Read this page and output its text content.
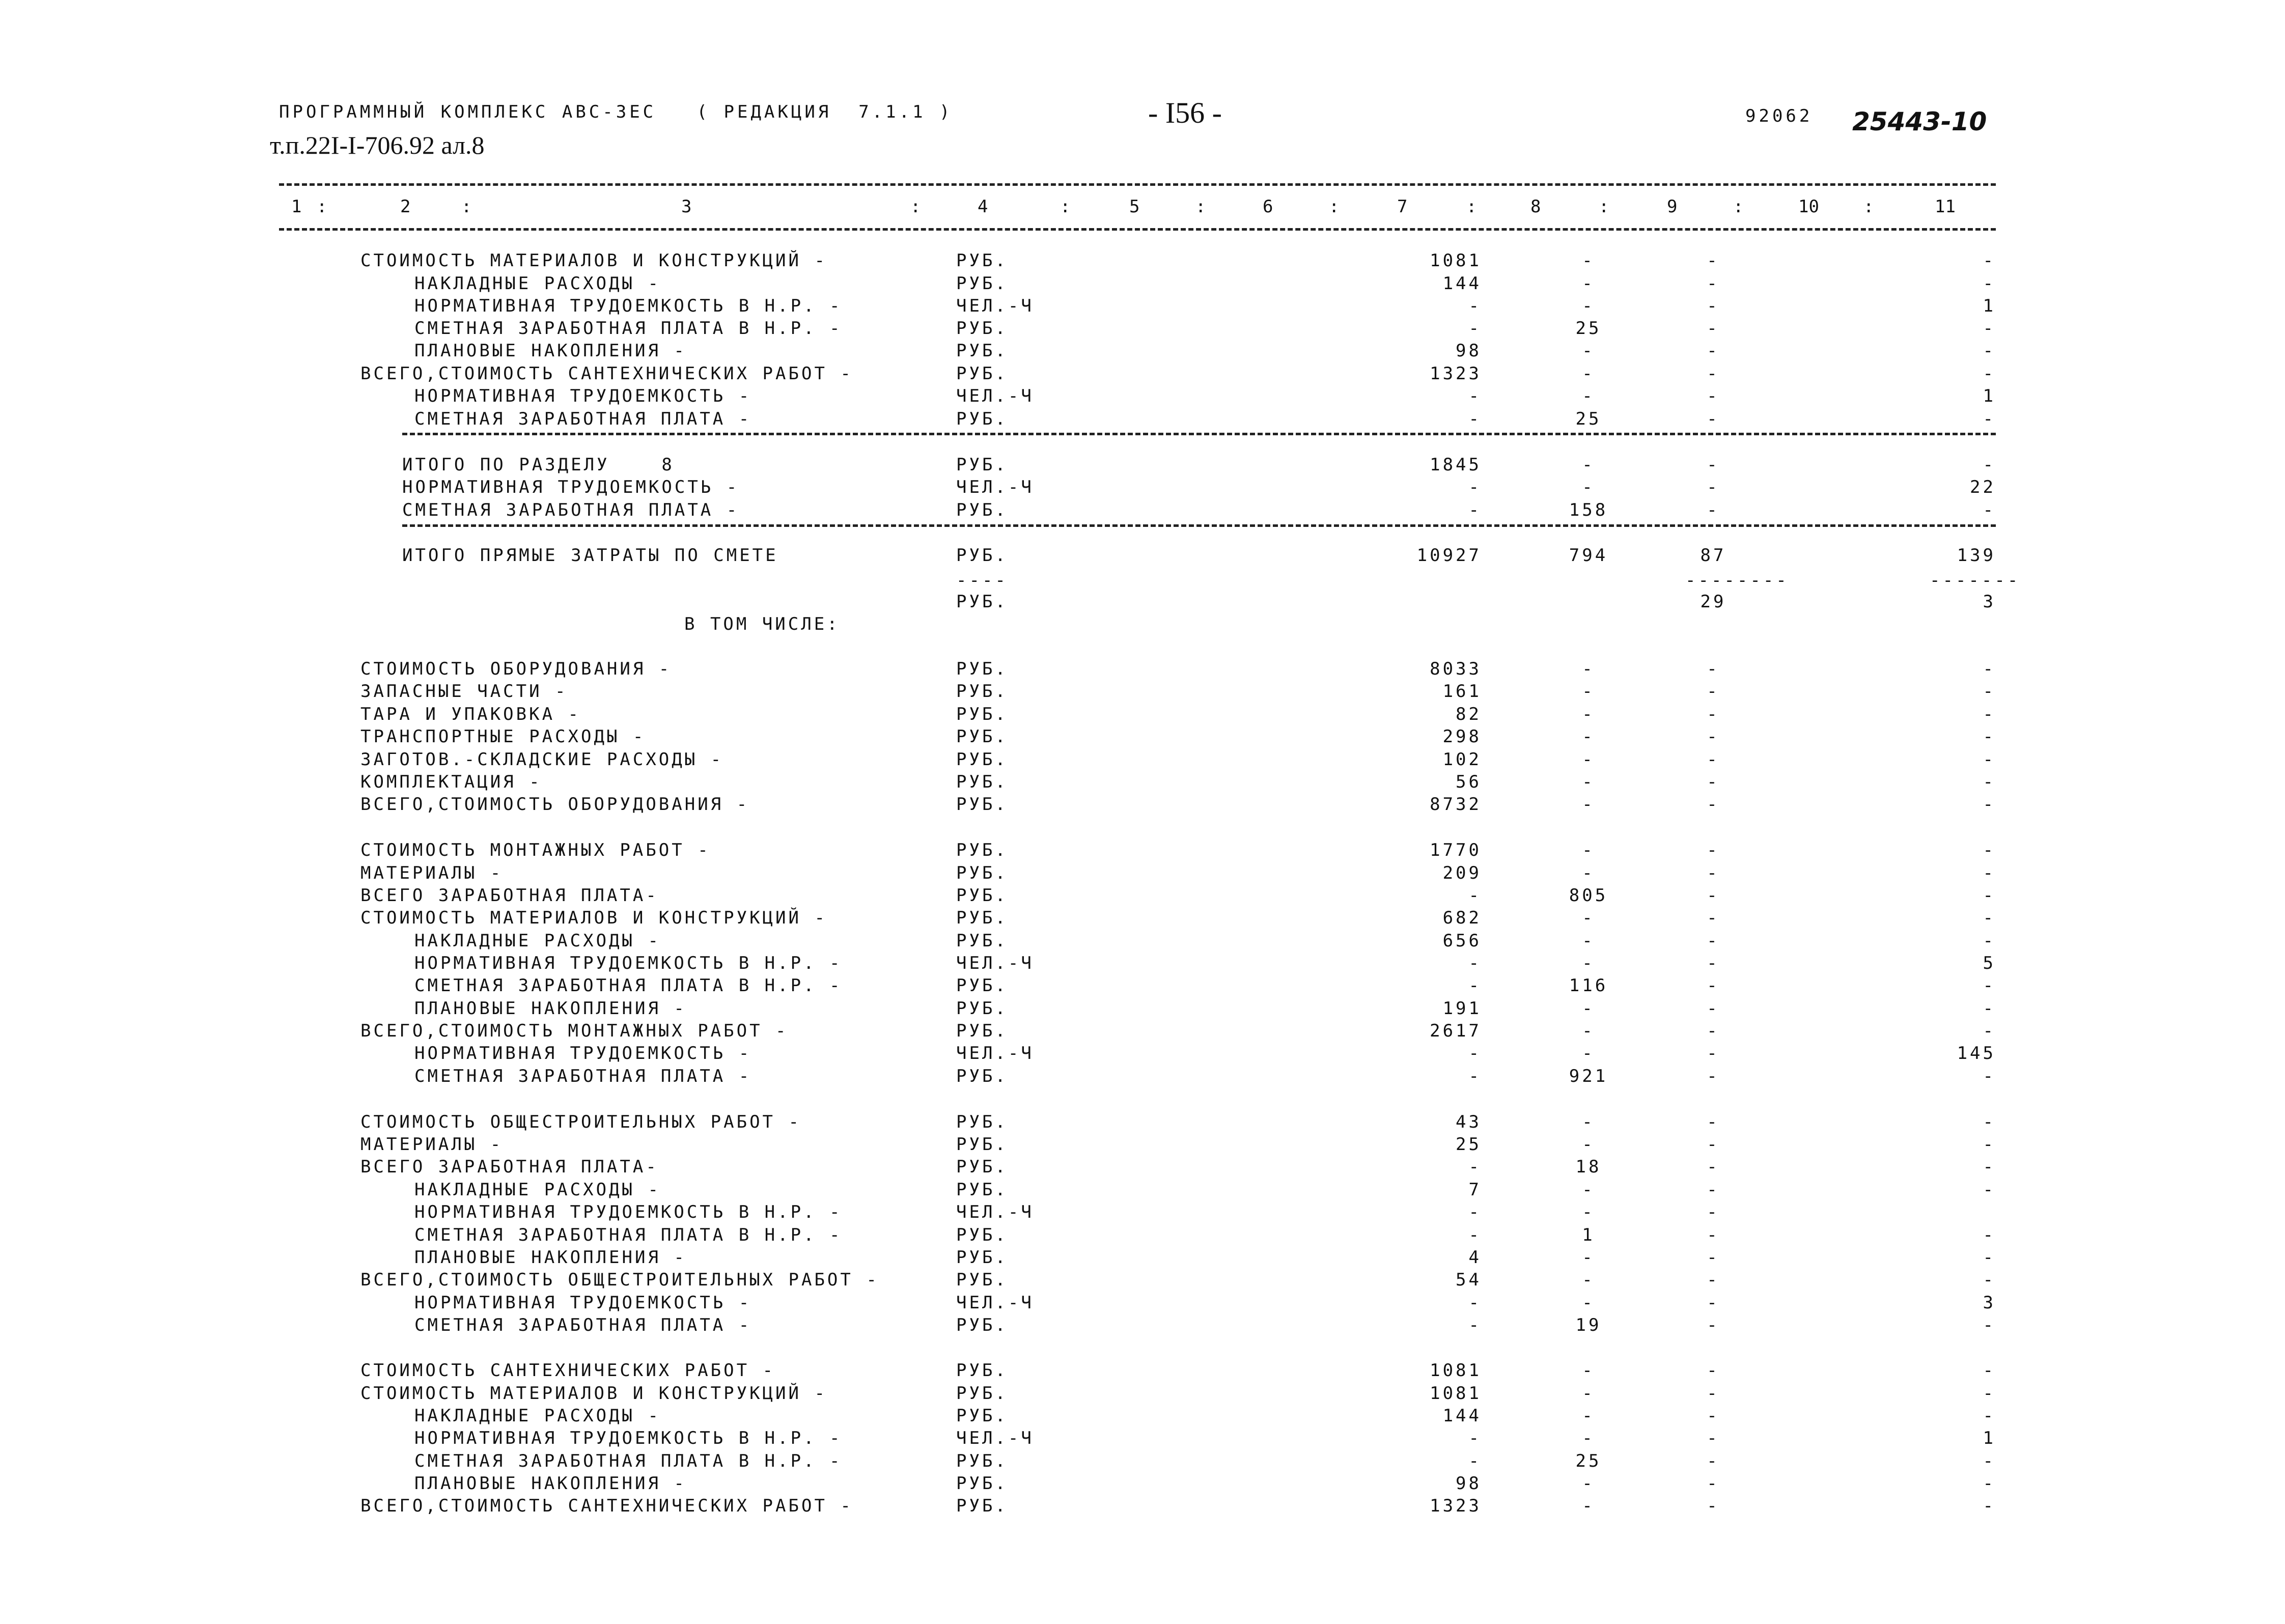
ПРОГРАММНЫЙ КОМПЛЕКС АВС-ЗЕС   ( РЕДАКЦИЯ  7.1.1 )
т.п.22I-I-706.92 ал.8
- I56 -	92062 25443-10
1 :	2	:	3	:	4	:	5	:	6	:	7	:	8	:	9	:	10	:	11
СТОИМОСТЬ МАТЕРИАЛОВ И КОНСТРУКЦИЙ -	РУБ.	1081	-	-	-
НАКЛАДНЫЕ РАСХОДЫ -	РУБ.	144	-	-	-
НОРМАТИВНАЯ ТРУДОЕМКОСТЬ В Н.Р. -	ЧЕЛ.-Ч	-	-	-	1
СМЕТНАЯ ЗАРАБОТНАЯ ПЛАТА В Н.Р. -	РУБ.	-	25	-	-
ПЛАНОВЫЕ НАКОПЛЕНИЯ -	РУБ.	98	-	-	-
ВСЕГО,СТОИМОСТЬ САНТЕХНИЧЕСКИХ РАБОТ -	РУБ.	1323	-	-	-
НОРМАТИВНАЯ ТРУДОЕМКОСТЬ -	ЧЕЛ.-Ч	-	-	-	1
СМЕТНАЯ ЗАРАБОТНАЯ ПЛАТА -	РУБ.	-	25	-	-
ИТОГО ПО РАЗДЕЛУ    8	РУБ.	1845	-	-	-
НОРМАТИВНАЯ ТРУДОЕМКОСТЬ -	ЧЕЛ.-Ч	-	-	-	22
СМЕТНАЯ ЗАРАБОТНАЯ ПЛАТА -	РУБ.	-	158	-	-
ИТОГО ПРЯМЫЕ ЗАТРАТЫ ПО СМЕТЕ	РУБ.	10927	794	87	139
----	--------	-------
РУБ.	29	3
В ТОМ ЧИСЛЕ:
СТОИМОСТЬ ОБОРУДОВАНИЯ -	РУБ.	8033	-	-	-
ЗАПАСНЫЕ ЧАСТИ -	РУБ.	161	-	-	-
ТАРА И УПАКОВКА -	РУБ.	82	-	-	-
ТРАНСПОРТНЫЕ РАСХОДЫ -	РУБ.	298	-	-	-
ЗАГОТОВ.-СКЛАДСКИЕ РАСХОДЫ -	РУБ.	102	-	-	-
КОМПЛЕКТАЦИЯ -	РУБ.	56	-	-	-
ВСЕГО,СТОИМОСТЬ ОБОРУДОВАНИЯ -	РУБ.	8732	-	-	-
СТОИМОСТЬ МОНТАЖНЫХ РАБОТ -	РУБ.	1770	-	-	-
МАТЕРИАЛЫ -	РУБ.	209	-	-	-
ВСЕГО ЗАРАБОТНАЯ ПЛАТА-	РУБ.	-	805	-	-
СТОИМОСТЬ МАТЕРИАЛОВ И КОНСТРУКЦИЙ -	РУБ.	682	-	-	-
НАКЛАДНЫЕ РАСХОДЫ -	РУБ.	656	-	-	-
НОРМАТИВНАЯ ТРУДОЕМКОСТЬ В Н.Р. -	ЧЕЛ.-Ч	-	-	-	5
СМЕТНАЯ ЗАРАБОТНАЯ ПЛАТА В Н.Р. -	РУБ.	-	116	-	-
ПЛАНОВЫЕ НАКОПЛЕНИЯ -	РУБ.	191	-	-	-
ВСЕГО,СТОИМОСТЬ МОНТАЖНЫХ РАБОТ -	РУБ.	2617	-	-	-
НОРМАТИВНАЯ ТРУДОЕМКОСТЬ -	ЧЕЛ.-Ч	-	-	-	145
СМЕТНАЯ ЗАРАБОТНАЯ ПЛАТА -	РУБ.	-	921	-	-
СТОИМОСТЬ ОБЩЕСТРОИТЕЛЬНЫХ РАБОТ -	РУБ.	43	-	-	-
МАТЕРИАЛЫ -	РУБ.	25	-	-	-
ВСЕГО ЗАРАБОТНАЯ ПЛАТА-	РУБ.	-	18	-	-
НАКЛАДНЫЕ РАСХОДЫ -	РУБ.	7	-	-	-
НОРМАТИВНАЯ ТРУДОЕМКОСТЬ В Н.Р. -	ЧЕЛ.-Ч	-	-	-
СМЕТНАЯ ЗАРАБОТНАЯ ПЛАТА В Н.Р. -	РУБ.	-	1	-	-
ПЛАНОВЫЕ НАКОПЛЕНИЯ -	РУБ.	4	-	-	-
ВСЕГО,СТОИМОСТЬ ОБЩЕСТРОИТЕЛЬНЫХ РАБОТ -	РУБ.	54	-	-	-
НОРМАТИВНАЯ ТРУДОЕМКОСТЬ -	ЧЕЛ.-Ч	-	-	-	3
СМЕТНАЯ ЗАРАБОТНАЯ ПЛАТА -	РУБ.	-	19	-	-
СТОИМОСТЬ САНТЕХНИЧЕСКИХ РАБОТ -	РУБ.	1081	-	-	-
СТОИМОСТЬ МАТЕРИАЛОВ И КОНСТРУКЦИЙ -	РУБ.	1081	-	-	-
НАКЛАДНЫЕ РАСХОДЫ -	РУБ.	144	-	-	-
НОРМАТИВНАЯ ТРУДОЕМКОСТЬ В Н.Р. -	ЧЕЛ.-Ч	-	-	-	1
СМЕТНАЯ ЗАРАБОТНАЯ ПЛАТА В Н.Р. -	РУБ.	-	25	-	-
ПЛАНОВЫЕ НАКОПЛЕНИЯ -	РУБ.	98	-	-	-
ВСЕГО,СТОИМОСТЬ САНТЕХНИЧЕСКИХ РАБОТ -	РУБ.	1323	-	-	-
